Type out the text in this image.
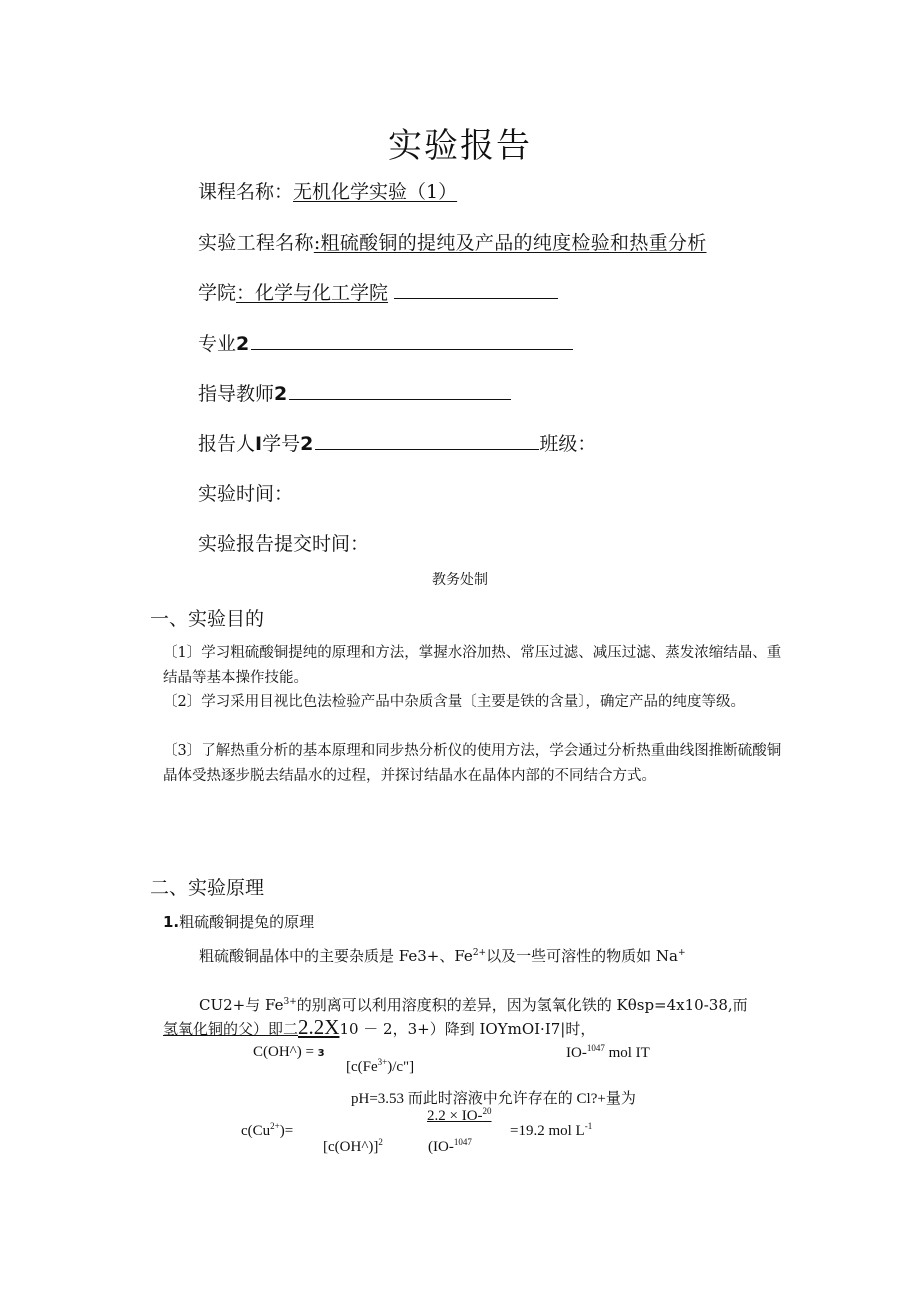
实验报告
课程名称：无机化学实验（1）
实验工程名称:粗硫酸铜的提纯及产品的纯度检验和热重分析
学院：化学与化工学院
专业2
指导教师2
报告人I学号2	班级：
实验时间：
实验报告提交时间：
教务处制
一、实验目的
〔1〕学习粗硫酸铜提纯的原理和方法，掌握水浴加热、常压过滤、减压过滤、蒸发浓缩结晶、重结晶等基本操作技能。
〔2〕学习采用目视比色法检验产品中杂质含量〔主要是铁的含量〕，确定产品的纯度等级。
〔3〕了解热重分析的基本原理和同步热分析仪的使用方法，学会通过分析热重曲线图推断硫酸铜晶体受热逐步脱去结晶水的过程，并探讨结晶水在晶体内部的不同结合方式。
二、实验原理
1.粗硫酸铜提兔的原理
粗硫酸铜晶体中的主要杂质是 Fe3+、$Fe^{2+}$以及一些可溶性的物质如 Na+
CU2+与 $Fe^{3+}$的别离可以利用溶度积的差异，因为氢氧化铁的 Kθsp=4x10-38,而
氢氧化铜的父）即二2.2X10 － 2，3+）降到 IOYmOI·I7|时，
C(OH^) = 3
$[c(Fe^{3+})/c"]$
IO-$^{1047}$ mol IT
pH=3.53 而此时溶液中允许存在的 Cl?+量为
$c(Cu^{2+})=$
2.2 × IO-$^{20}$
[c(OH^)]$^2$	(IO-$^{1047}$
=19.2 mol $L^{-1}$
